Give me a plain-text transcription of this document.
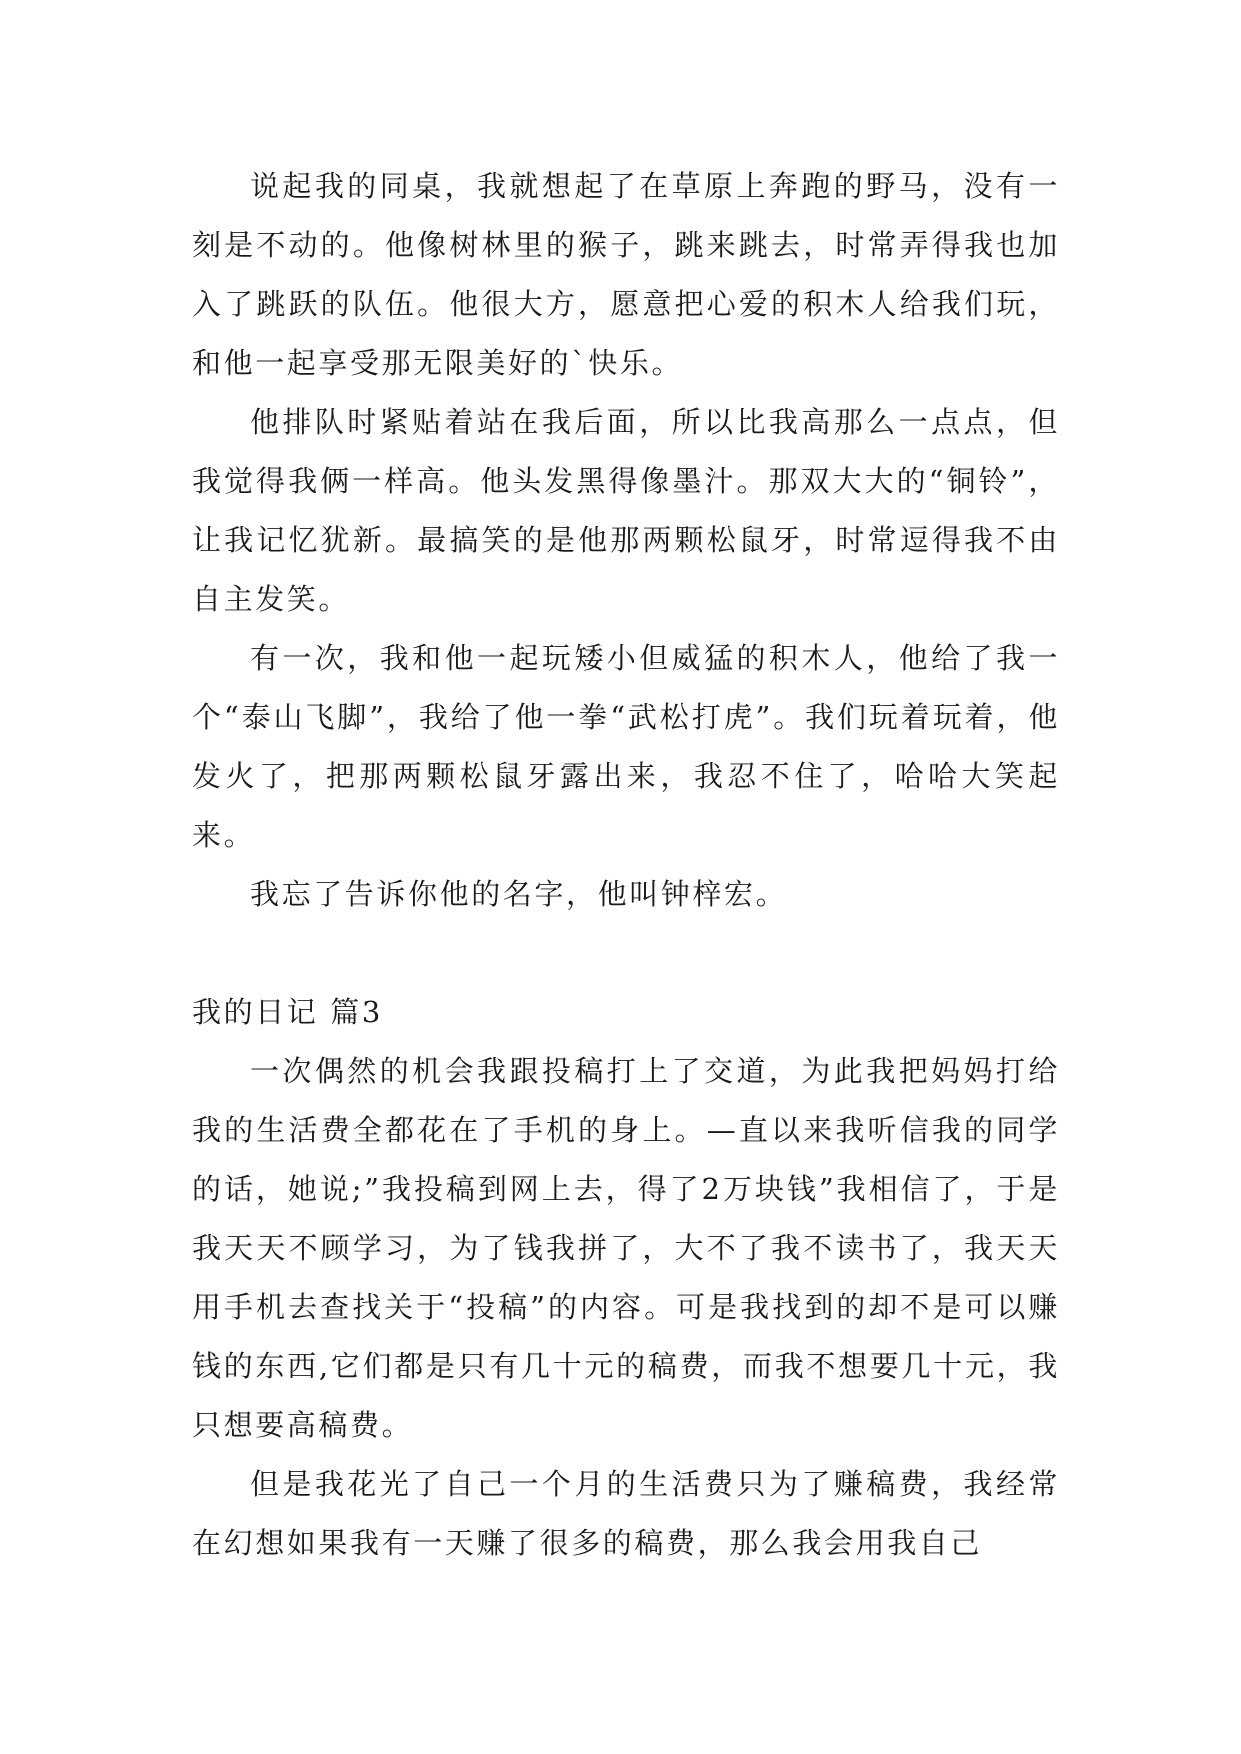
说起我的同桌，我就想起了在草原上奔跑的野马，没有一刻是不动的。他像树林里的猴子，跳来跳去，时常弄得我也加入了跳跃的队伍。他很大方，愿意把心爱的积木人给我们玩，和他一起享受那无限美好的`快乐。

他排队时紧贴着站在我后面，所以比我高那么一点点，但我觉得我俩一样高。他头发黑得像墨汁。那双大大的“铜铃”，让我记忆犹新。最搞笑的是他那两颗松鼠牙，时常逗得我不由自主发笑。

有一次，我和他一起玩矮小但威猛的积木人，他给了我一个“泰山飞脚”，我给了他一拳“武松打虎”。我们玩着玩着，他发火了，把那两颗松鼠牙露出来，我忍不住了，哈哈大笑起来。

我忘了告诉你他的名字，他叫钟梓宏。

我的日记 篇3

一次偶然的机会我跟投稿打上了交道，为此我把妈妈打给我的生活费全都花在了手机的身上。—直以来我听信我的同学的话，她说;”我投稿到网上去，得了2万块钱”我相信了，于是我天天不顾学习，为了钱我拼了，大不了我不读书了，我天天用手机去查找关于“投稿”的内容。可是我找到的却不是可以赚钱的东西,它们都是只有几十元的稿费，而我不想要几十元，我只想要高稿费。

但是我花光了自己一个月的生活费只为了赚稿费，我经常在幻想如果我有一天赚了很多的稿费，那么我会用我自己
